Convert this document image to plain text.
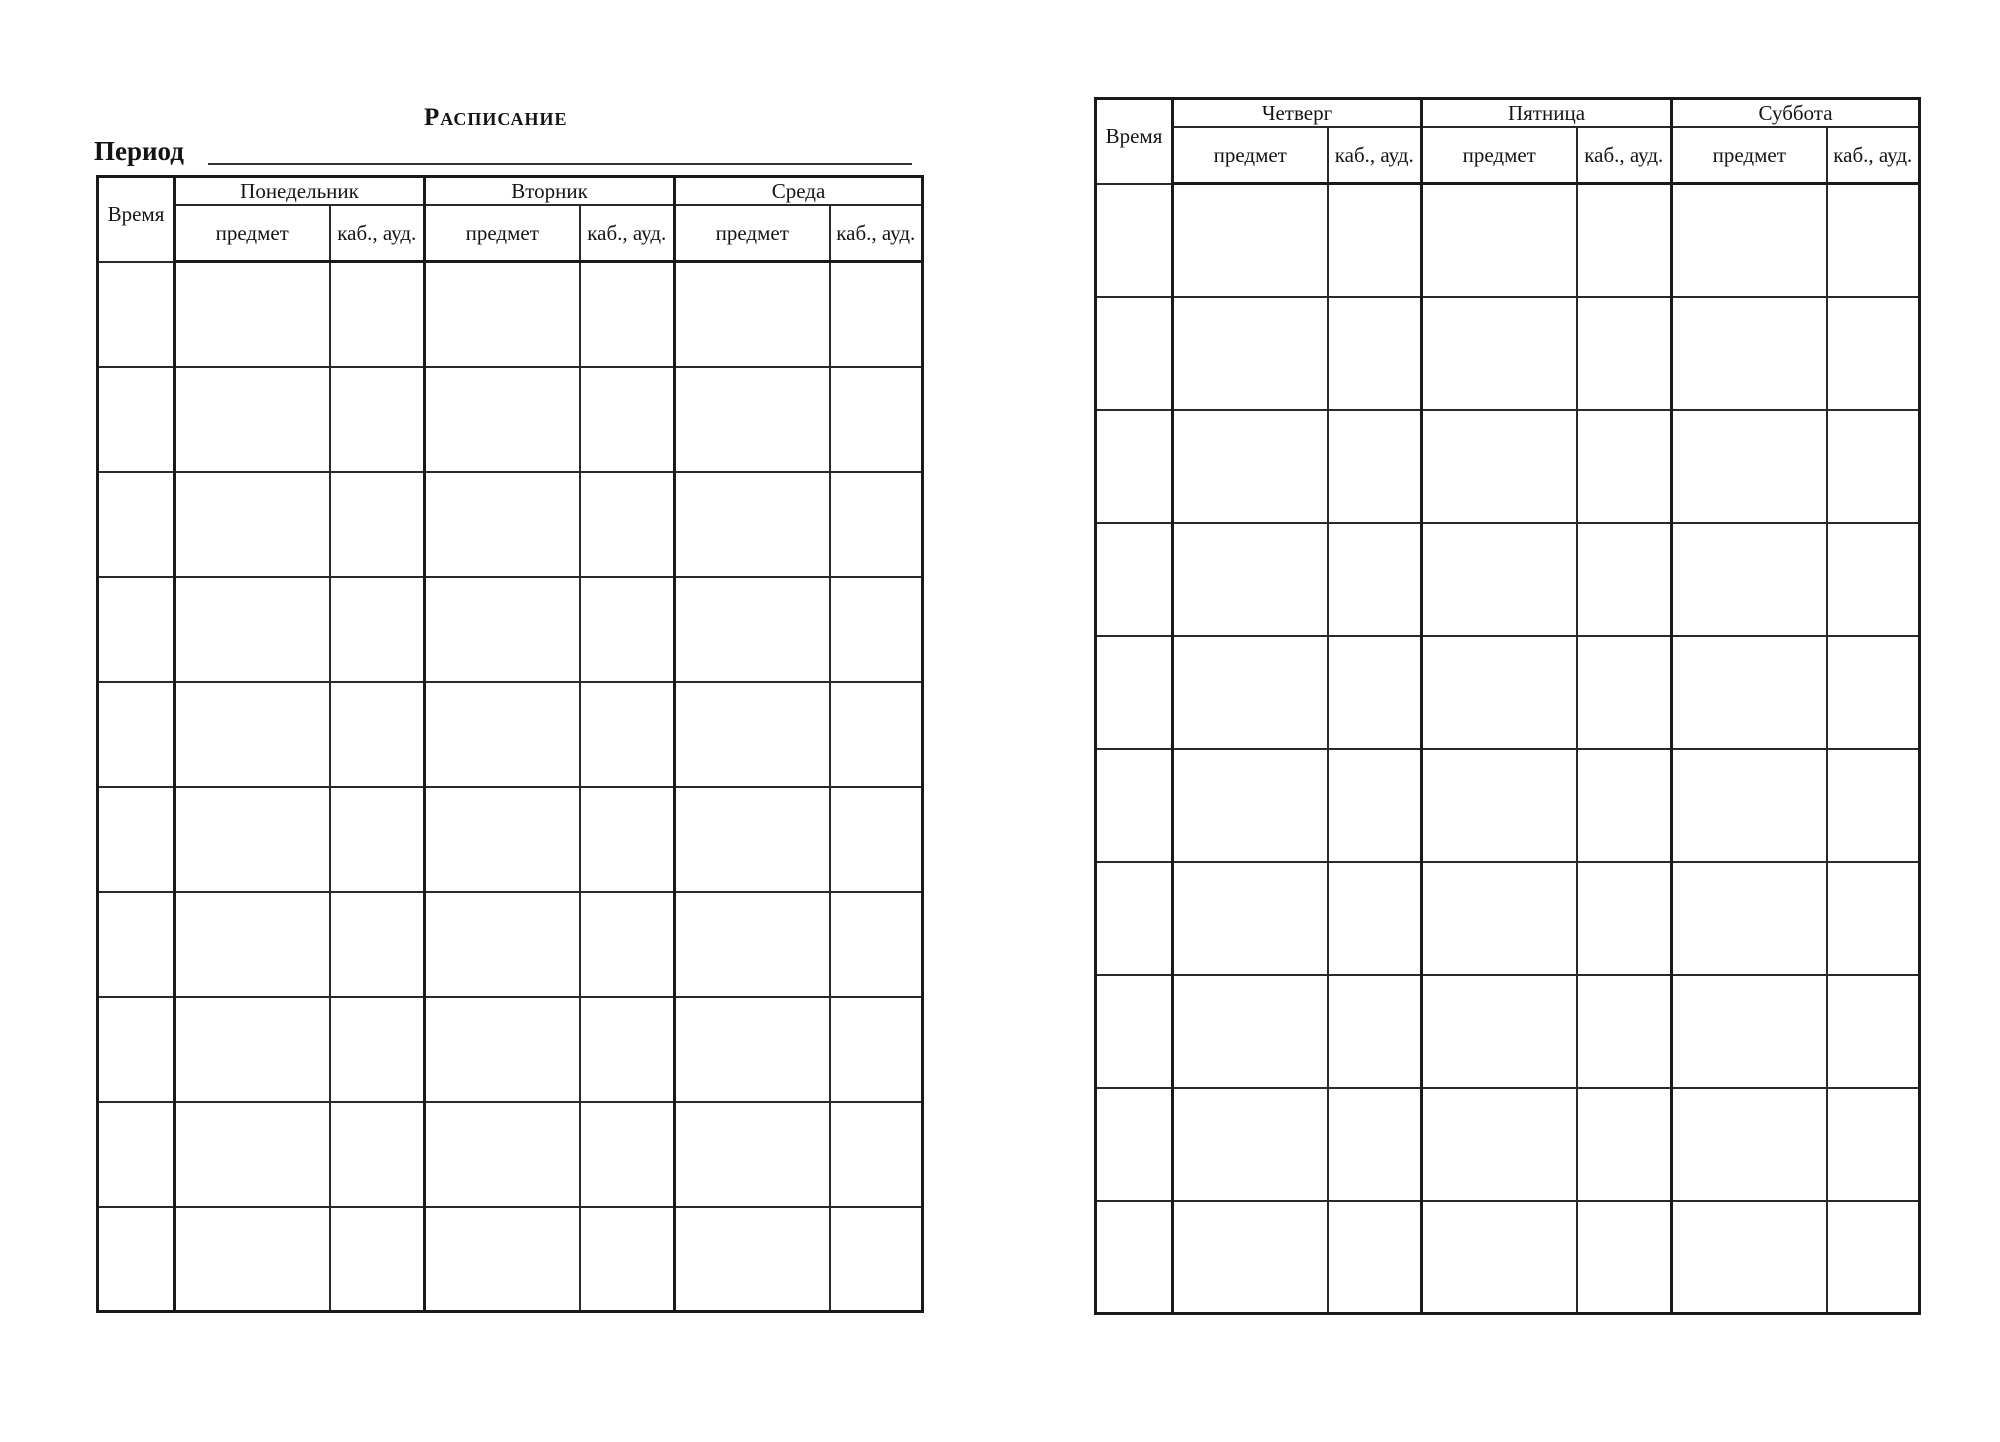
Расписание
Период
Время	Понедельник		Вторник		Среда	
	предмет	каб., ауд.	предмет	каб., ауд.	предмет	каб., ауд.

Время	Четверг		Пятница		Суббота	
	предмет	каб., ауд.	предмет	каб., ауд.	предмет	каб., ауд.
